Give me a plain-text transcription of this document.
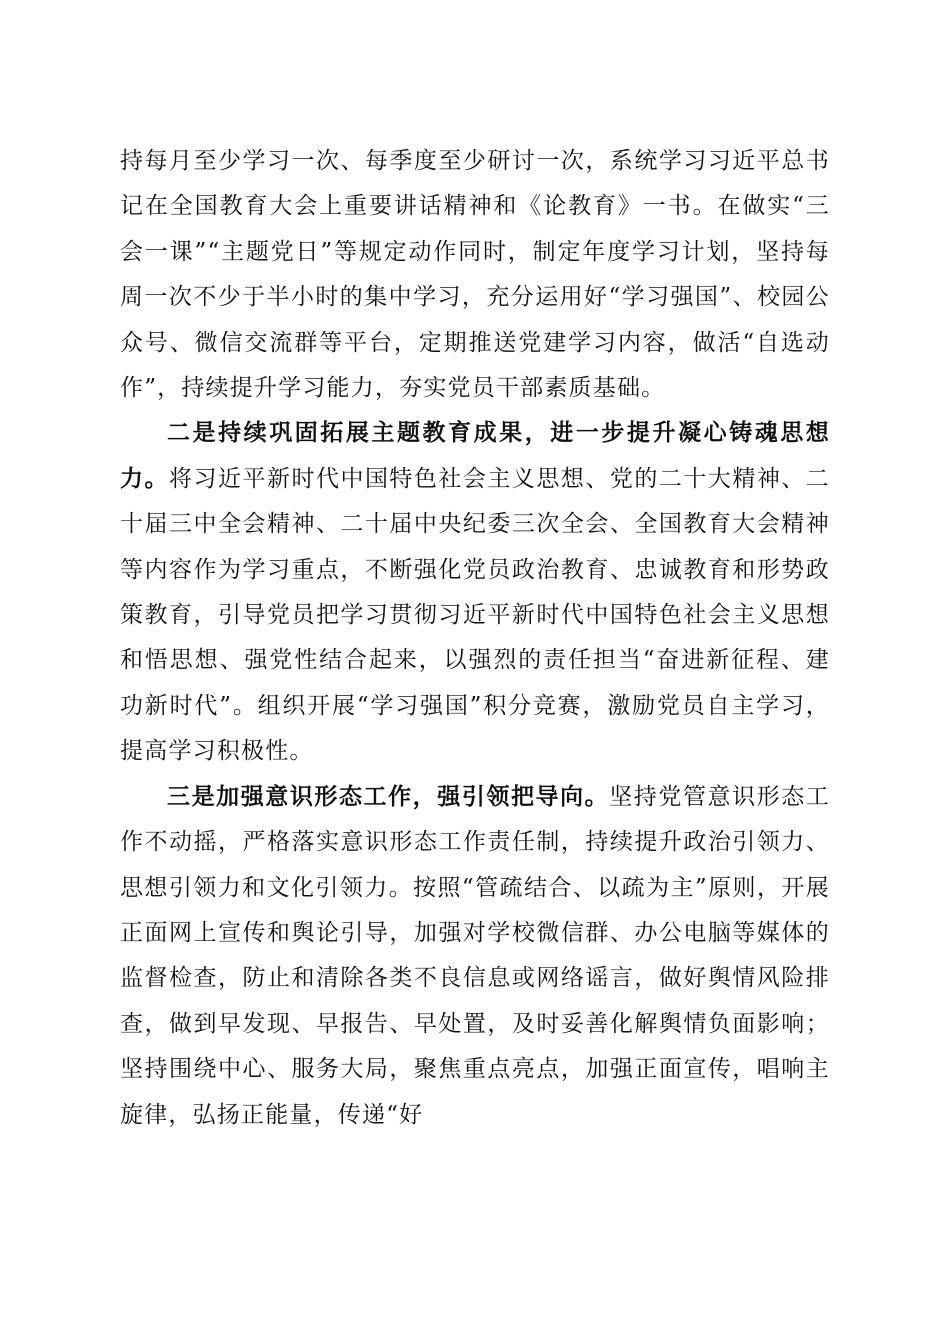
持每月至少学习一次、每季度至少研讨一次，系统学习习近平总书记在全国教育大会上重要讲话精神和《论教育》一书。在做实“三会一课”“主题党日”等规定动作同时，制定年度学习计划，坚持每周一次不少于半小时的集中学习，充分运用好“学习强国”、校园公众号、微信交流群等平台，定期推送党建学习内容，做活“自选动作”，持续提升学习能力，夯实党员干部素质基础。

二是持续巩固拓展主题教育成果，进一步提升凝心铸魂思想力。将习近平新时代中国特色社会主义思想、党的二十大精神、二十届三中全会精神、二十届中央纪委三次全会、全国教育大会精神等内容作为学习重点，不断强化党员政治教育、忠诚教育和形势政策教育，引导党员把学习贯彻习近平新时代中国特色社会主义思想和悟思想、强党性结合起来，以强烈的责任担当“奋进新征程、建功新时代”。组织开展“学习强国”积分竞赛，激励党员自主学习，提高学习积极性。

三是加强意识形态工作，强引领把导向。坚持党管意识形态工作不动摇，严格落实意识形态工作责任制，持续提升政治引领力、思想引领力和文化引领力。按照“管疏结合、以疏为主”原则，开展正面网上宣传和舆论引导，加强对学校微信群、办公电脑等媒体的监督检查，防止和清除各类不良信息或网络谣言，做好舆情风险排查，做到早发现、早报告、早处置，及时妥善化解舆情负面影响；坚持围绕中心、服务大局，聚焦重点亮点，加强正面宣传，唱响主旋律，弘扬正能量，传递“好
